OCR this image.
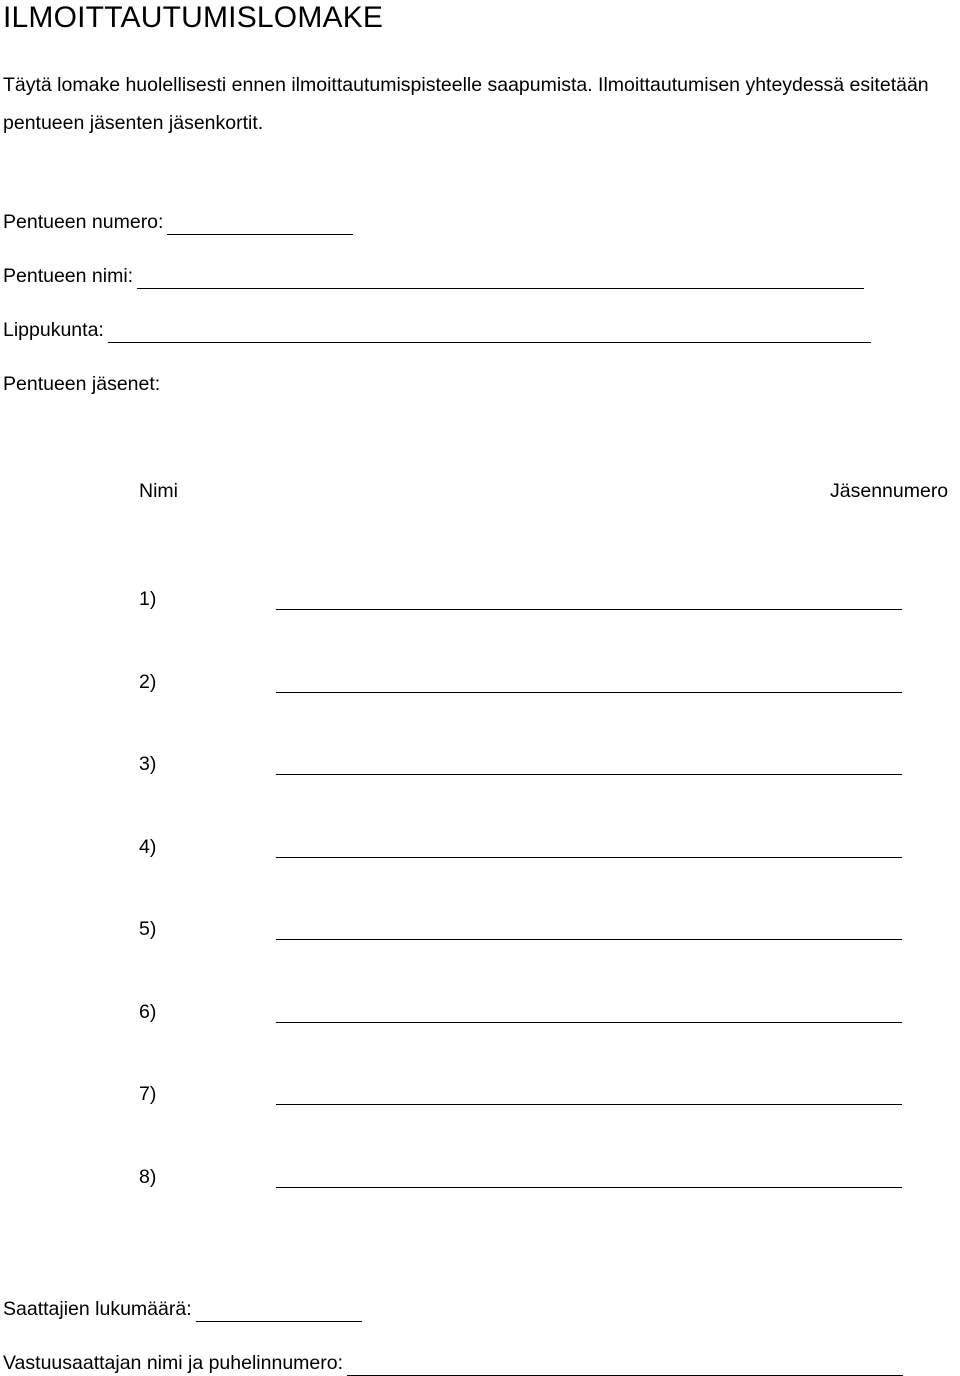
ILMOITTAUTUMISLOMAKE
Täytä lomake huolellisesti ennen ilmoittautumispisteelle saapumista. Ilmoittautumisen yhteydessä esitetään pentueen jäsenten jäsenkortit.
Pentueen numero:
Pentueen nimi:
Lippukunta:
Pentueen jäsenet:
Nimi	Jäsennumero
1)
2)
3)
4)
5)
6)
7)
8)
Saattajien lukumäärä:
Vastuusaattajan nimi ja puhelinnumero:
